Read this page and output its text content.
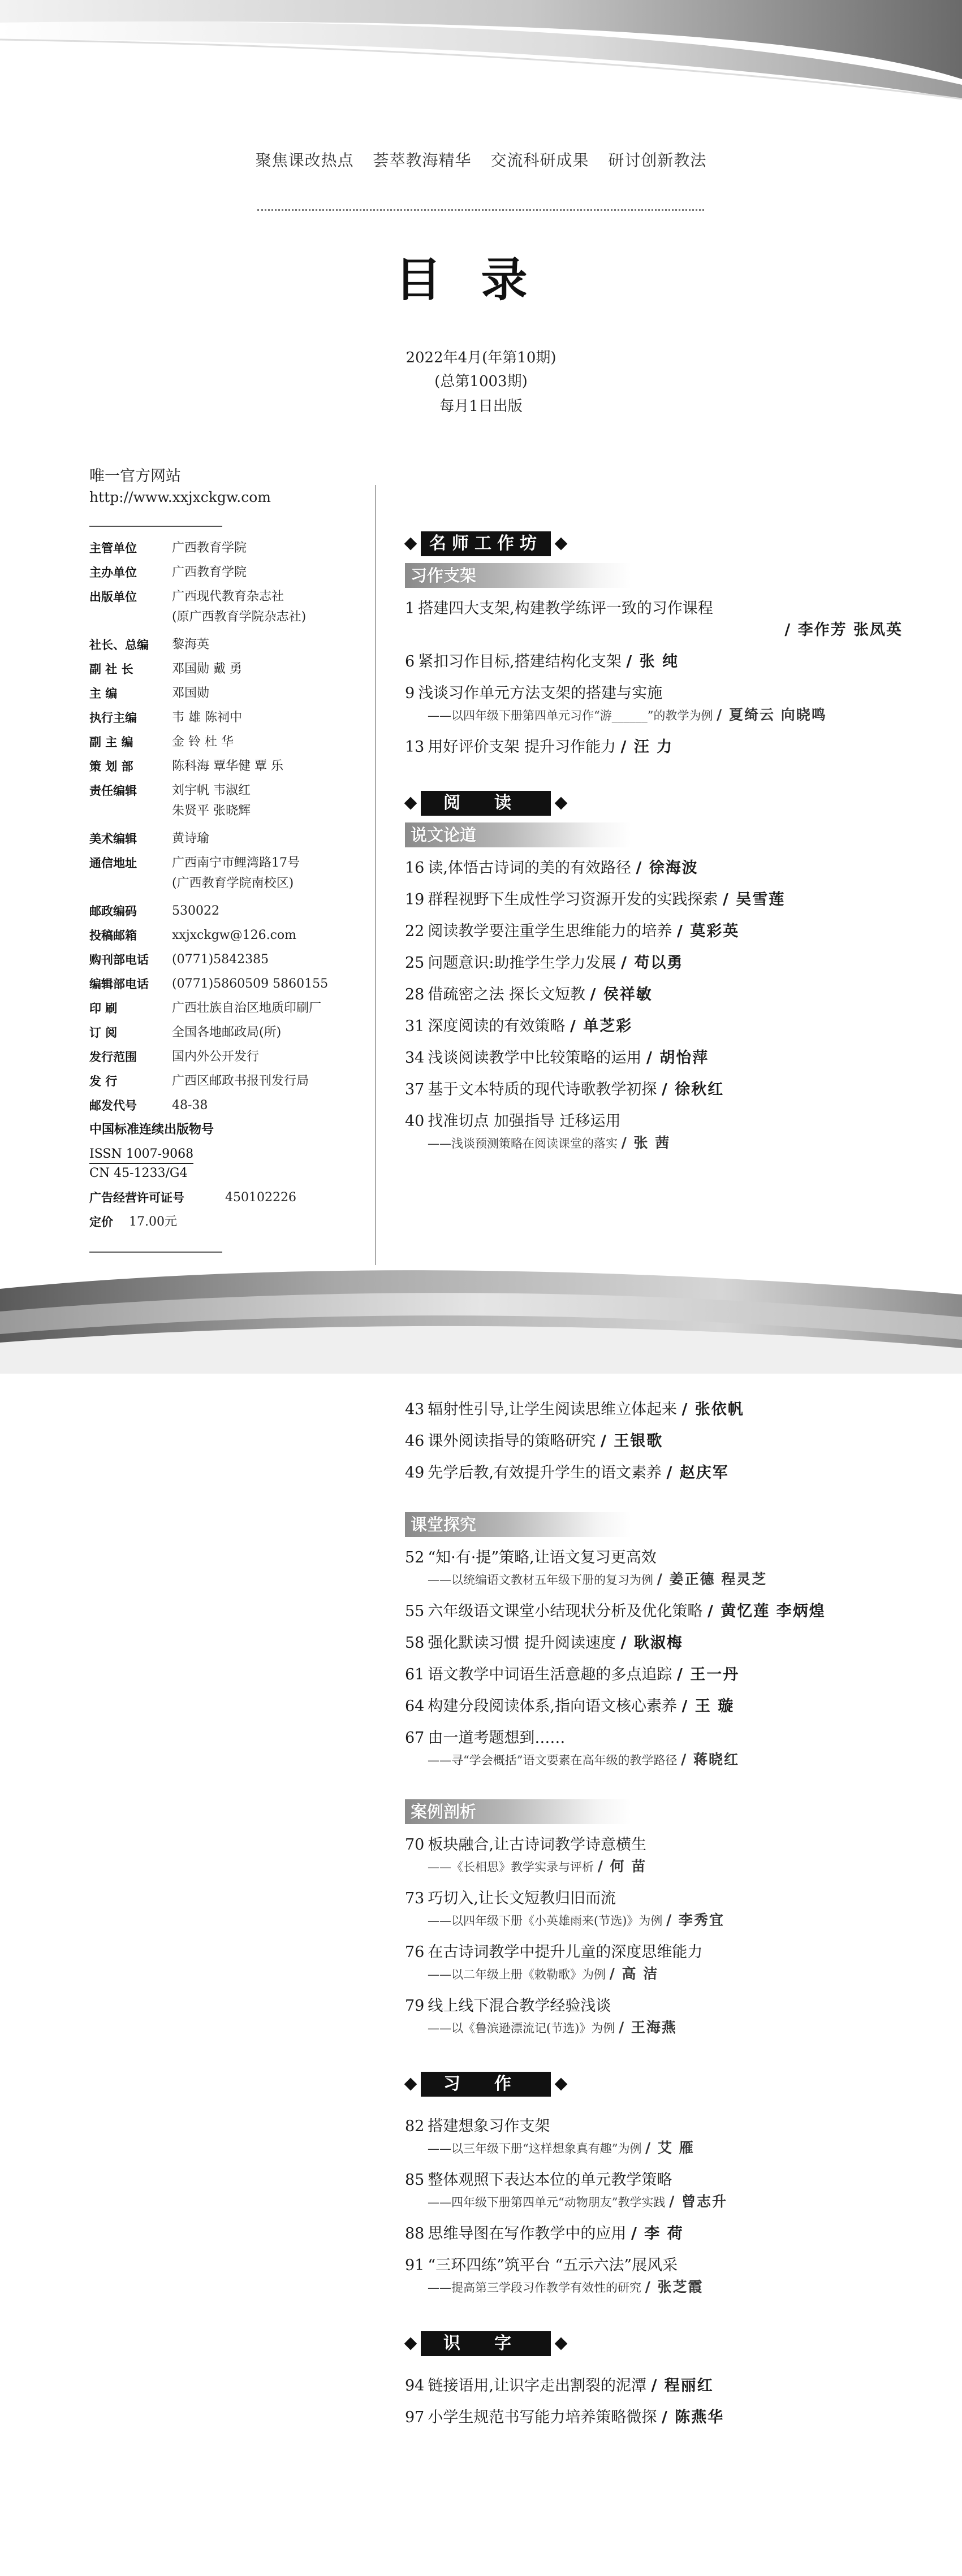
聚焦课改热点 荟萃教海精华 交流科研成果 研讨创新教法
目录
2022年4月(年第10期)
(总第1003期)
每月1日出版
唯一官方网站
http://www.xxjxckgw.com
主管单位	广西教育学院
主办单位	广西教育学院
出版单位	广西现代教育杂志社
(原广西教育学院杂志社)
社长、总编	黎海英
副 社 长	邓国勋 戴 勇
主 编	邓国勋
执行主编	韦 雄 陈祠中
副 主 编	金 铃 杜 华
策 划 部	陈科海 覃华健 覃 乐
责任编辑	刘宇帆 韦淑红
朱贤平 张晓辉
美术编辑	黄诗瑜
通信地址	广西南宁市鲤湾路17号
(广西教育学院南校区)
邮政编码	530022
投稿邮箱	xxjxckgw@126.com
购刊部电话	(0771)5842385
编辑部电话	(0771)5860509 5860155
印 刷	广西壮族自治区地质印刷厂
订 阅	全国各地邮政局(所)
发行范围	国内外公开发行
发 行	广西区邮政书报刊发行局
邮发代号	48-38
中国标准连续出版物号
ISSN 1007-9068
CN 45-1233/G4
广告经营许可证号	450102226
定价	17.00元
名师工作坊
习作支架
1 搭建四大支架,构建教学练评一致的习作课程
/ 李作芳 张凤英
6 紧扣习作目标,搭建结构化支架 / 张 纯
9 浅谈习作单元方法支架的搭建与实施
——以四年级下册第四单元习作“游______”的教学为例 / 夏绮云 向晓鸣
13 用好评价支架 提升习作能力 / 汪 力
阅读
说文论道
16 读,体悟古诗词的美的有效路径 / 徐海波
19 群程视野下生成性学习资源开发的实践探索 / 吴雪莲
22 阅读教学要注重学生思维能力的培养 / 莫彩英
25 问题意识:助推学生学力发展 / 苟以勇
28 借疏密之法 探长文短教 / 侯祥敏
31 深度阅读的有效策略 / 单芝彩
34 浅谈阅读教学中比较策略的运用 / 胡怡萍
37 基于文本特质的现代诗歌教学初探 / 徐秋红
40 找准切点 加强指导 迁移运用
——浅谈预测策略在阅读课堂的落实 / 张 茜
43 辐射性引导,让学生阅读思维立体起来 / 张依帆
46 课外阅读指导的策略研究 / 王银歌
49 先学后教,有效提升学生的语文素养 / 赵庆军
课堂探究
52 “知·有·提”策略,让语文复习更高效
——以统编语文教材五年级下册的复习为例 / 姜正德 程灵芝
55 六年级语文课堂小结现状分析及优化策略 / 黄忆莲 李炳煌
58 强化默读习惯 提升阅读速度 / 耿淑梅
61 语文教学中词语生活意趣的多点追踪 / 王一丹
64 构建分段阅读体系,指向语文核心素养 / 王 璇
67 由一道考题想到……
——寻“学会概括”语文要素在高年级的教学路径 / 蒋晓红
案例剖析
70 板块融合,让古诗词教学诗意横生
——《长相思》教学实录与评析 / 何 苗
73 巧切入,让长文短教归旧而流
——以四年级下册《小英雄雨来(节选)》为例 / 李秀宜
76 在古诗词教学中提升儿童的深度思维能力
——以二年级上册《敕勒歌》为例 / 高 洁
79 线上线下混合教学经验浅谈
——以《鲁滨逊漂流记(节选)》为例 / 王海燕
习作
82 搭建想象习作支架
——以三年级下册“这样想象真有趣”为例 / 艾 雁
85 整体观照下表达本位的单元教学策略
——四年级下册第四单元“动物朋友”教学实践 / 曾志升
88 思维导图在写作教学中的应用 / 李 荷
91 “三环四练”筑平台 “五示六法”展风采
——提高第三学段习作教学有效性的研究 / 张芝霞
识字
94 链接语用,让识字走出割裂的泥潭 / 程丽红
97 小学生规范书写能力培养策略微探 / 陈燕华
